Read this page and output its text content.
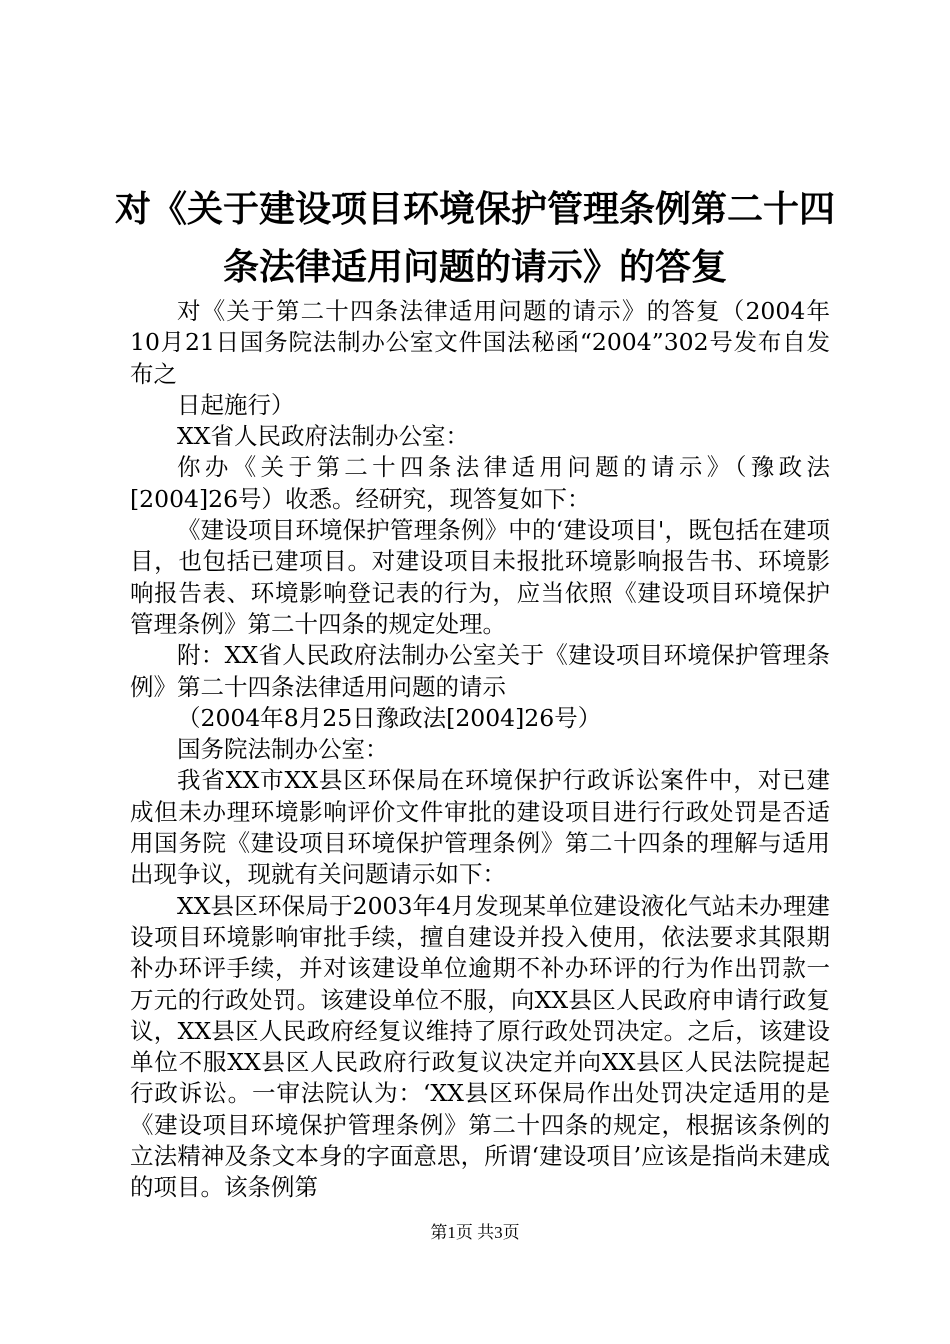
对《关于建设项目环境保护管理条例第二十四条法律适用问题的请示》的答复

对《关于第二十四条法律适用问题的请示》的答复（2004年10月21日国务院法制办公室文件国法秘函“2004”302号发布自发布之

日起施行）

XX省人民政府法制办公室：

你办《关于第二十四条法律适用问题的请示》（豫政法[2004]26号）收悉。经研究，现答复如下：

《建设项目环境保护管理条例》中的‘建设项目'，既包括在建项目，也包括已建项目。对建设项目未报批环境影响报告书、环境影响报告表、环境影响登记表的行为，应当依照《建设项目环境保护管理条例》第二十四条的规定处理。

附：XX省人民政府法制办公室关于《建设项目环境保护管理条例》第二十四条法律适用问题的请示

（2004年8月25日豫政法[2004]26号）

国务院法制办公室：

我省XX市XX县区环保局在环境保护行政诉讼案件中，对已建成但未办理环境影响评价文件审批的建设项目进行行政处罚是否适用国务院《建设项目环境保护管理条例》第二十四条的理解与适用出现争议，现就有关问题请示如下：

XX县区环保局于2003年4月发现某单位建设液化气站未办理建设项目环境影响审批手续，擅自建设并投入使用，依法要求其限期补办环评手续，并对该建设单位逾期不补办环评的行为作出罚款一万元的行政处罚。该建设单位不服，向XX县区人民政府申请行政复议，XX县区人民政府经复议维持了原行政处罚决定。之后，该建设单位不服XX县区人民政府行政复议决定并向XX县区人民法院提起行政诉讼。一审法院认为：‘XX县区环保局作出处罚决定适用的是《建设项目环境保护管理条例》第二十四条的规定，根据该条例的立法精神及条文本身的字面意思，所谓‘建设项目’应该是指尚未建成的项目。该条例第

第1页 共3页
